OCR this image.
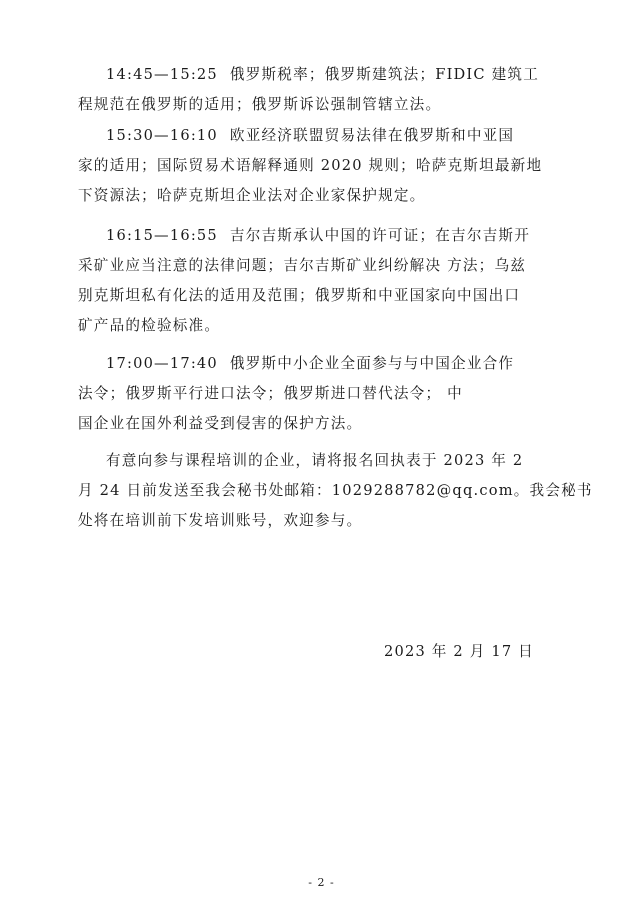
14:45—15:25 俄罗斯税率；俄罗斯建筑法；FIDIC 建筑工
程规范在俄罗斯的适用；俄罗斯诉讼强制管辖立法。

15:30—16:10 欧亚经济联盟贸易法律在俄罗斯和中亚国
家的适用；国际贸易术语解释通则 2020 规则；哈萨克斯坦最新地
下资源法；哈萨克斯坦企业法对企业家保护规定。

16:15—16:55 吉尔吉斯承认中国的许可证；在吉尔吉斯开
采矿业应当注意的法律问题；吉尔吉斯矿业纠纷解决 方法；乌兹
别克斯坦私有化法的适用及范围；俄罗斯和中亚国家向中国出口
矿产品的检验标准。

17:00—17:40 俄罗斯中小企业全面参与与中国企业合作
法令；俄罗斯平行进口法令；俄罗斯进口替代法令； 中
国企业在国外利益受到侵害的保护方法。

有意向参与课程培训的企业，请将报名回执表于 2023 年 2
月 24 日前发送至我会秘书处邮箱：1029288782@qq.com。我会秘书
处将在培训前下发培训账号，欢迎参与。

2023 年 2 月 17 日
- 2 -
